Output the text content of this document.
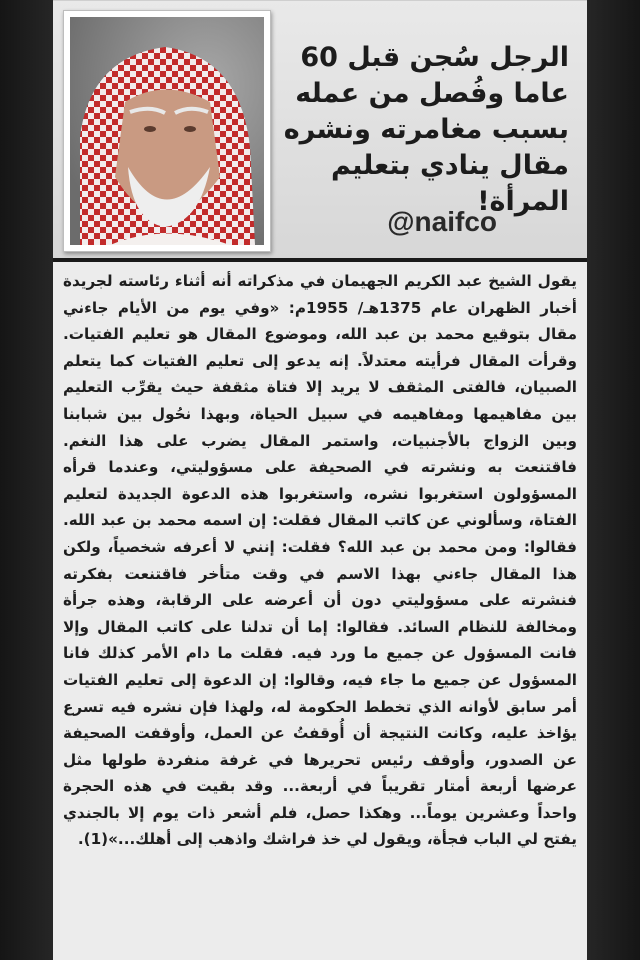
الرجل سُجن قبل 60 عاما وفُصل من عمله بسبب مغامرته ونشره مقال ينادي بتعليم المرأة!
@naifco
يقول الشيخ عبد الكريم الجهيمان في مذكراته أنه أثناء رئاسته لجريدة أخبار الظهران عام 1375هـ/ 1955م: «وفي يوم من الأيام جاءني مقال بتوقيع محمد بن عبد الله، وموضوع المقال هو تعليم الفتيات. وقرأت المقال فرأيته معتدلاً. إنه يدعو إلى تعليم الفتيات كما يتعلم الصبيان، فالفتى المثقف لا يريد إلا فتاة مثقفة حيث يقرِّب التعليم بين مفاهيمها ومفاهيمه في سبيل الحياة، وبهذا نحُول بين شبابنا وبين الزواج بالأجنبيات، واستمر المقال يضرب على هذا النغم. فاقتنعت به ونشرته في الصحيفة على مسؤوليتي، وعندما قرأه المسؤولون استغربوا نشره، واستغربوا هذه الدعوة الجديدة لتعليم الفتاة، وسألوني عن كاتب المقال فقلت: إن اسمه محمد بن عبد الله. فقالوا: ومن محمد بن عبد الله؟ فقلت: إنني لا أعرفه شخصياً، ولكن هذا المقال جاءني بهذا الاسم في وقت متأخر فاقتنعت بفكرته فنشرته على مسؤوليتي دون أن أعرضه على الرقابة، وهذه جرأة ومخالفة للنظام السائد. فقالوا: إما أن تدلنا على كاتب المقال وإلا فانت المسؤول عن جميع ما ورد فيه. فقلت ما دام الأمر كذلك فانا المسؤول عن جميع ما جاء فيه، وقالوا: إن الدعوة إلى تعليم الفتيات أمر سابق لأوانه الذي تخطط الحكومة له، ولهذا فإن نشره فيه تسرع يؤاخذ عليه، وكانت النتيجة أن أُوقفتُ عن العمل، وأوقفت الصحيفة عن الصدور، وأوقف رئيس تحريرها في غرفة منفردة طولها مثل عرضها أربعة أمتار تقريباً في أربعة... وقد بقيت في هذه الحجرة واحداً وعشرين يوماً... وهكذا حصل، فلم أشعر ذات يوم إلا بالجندي يفتح لي الباب فجأة، ويقول لي خذ فراشك واذهب إلى أهلك...»(1).
